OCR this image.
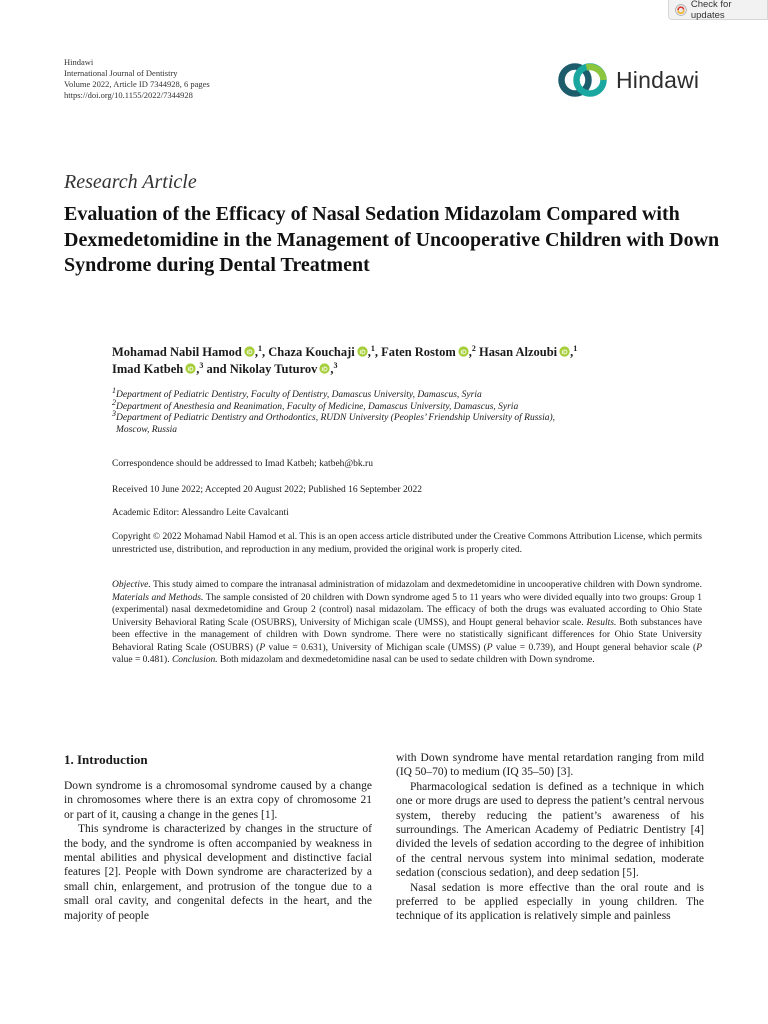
Check for updates
Hindawi
International Journal of Dentistry
Volume 2022, Article ID 7344928, 6 pages
https://doi.org/10.1155/2022/7344928
Hindawi
Research Article
Evaluation of the Efficacy of Nasal Sedation Midazolam Compared with Dexmedetomidine in the Management of Uncooperative Children with Down Syndrome during Dental Treatment
Mohamad Nabil Hamod ,$^1$, Chaza Kouchaji ,$^1$, Faten Rostom ,$^2$ Hasan Alzoubi ,$^1$
Imad Katbeh ,$^3$ and Nikolay Tuturov ,$^3$
$^1$Department of Pediatric Dentistry, Faculty of Dentistry, Damascus University, Damascus, Syria
$^2$Department of Anesthesia and Reanimation, Faculty of Medicine, Damascus University, Damascus, Syria
$^3$Department of Pediatric Dentistry and Orthodontics, RUDN University (Peoples’ Friendship University of Russia),
Moscow, Russia
Correspondence should be addressed to Imad Katbeh; katbeh@bk.ru
Received 10 June 2022; Accepted 20 August 2022; Published 16 September 2022
Academic Editor: Alessandro Leite Cavalcanti
Copyright © 2022 Mohamad Nabil Hamod et al. This is an open access article distributed under the Creative Commons Attribution License, which permits unrestricted use, distribution, and reproduction in any medium, provided the original work is properly cited.
Objective. This study aimed to compare the intranasal administration of midazolam and dexmedetomidine in uncooperative children with Down syndrome. Materials and Methods. The sample consisted of 20 children with Down syndrome aged 5 to 11 years who were divided equally into two groups: Group 1 (experimental) nasal dexmedetomidine and Group 2 (control) nasal midazolam. The efficacy of both the drugs was evaluated according to Ohio State University Behavioral Rating Scale (OSUBRS), University of Michigan scale (UMSS), and Houpt general behavior scale. Results. Both substances have been effective in the management of children with Down syndrome. There were no statistically significant differences for Ohio State University Behavioral Rating Scale (OSUBRS) (P value = 0.631), University of Michigan scale (UMSS) (P value = 0.739), and Houpt general behavior scale (P value = 0.481). Conclusion. Both midazolam and dexmedetomidine nasal can be used to sedate children with Down syndrome.
1. Introduction

Down syndrome is a chromosomal syndrome caused by a change in chromosomes where there is an extra copy of chromosome 21 or part of it, causing a change in the genes [1].

This syndrome is characterized by changes in the structure of the body, and the syndrome is often accompanied by weakness in mental abilities and physical development and distinctive facial features [2]. People with Down syndrome are characterized by a small chin, enlargement, and protrusion of the tongue due to a small oral cavity, and congenital defects in the heart, and the majority of people

with Down syndrome have mental retardation ranging from mild (IQ 50–70) to medium (IQ 35–50) [3].

Pharmacological sedation is defined as a technique in which one or more drugs are used to depress the patient’s central nervous system, thereby reducing the patient’s awareness of his surroundings. The American Academy of Pediatric Dentistry [4] divided the levels of sedation according to the degree of inhibition of the central nervous system into minimal sedation, moderate sedation (conscious sedation), and deep sedation [5].

Nasal sedation is more effective than the oral route and is preferred to be applied especially in young children. The technique of its application is relatively simple and painless
